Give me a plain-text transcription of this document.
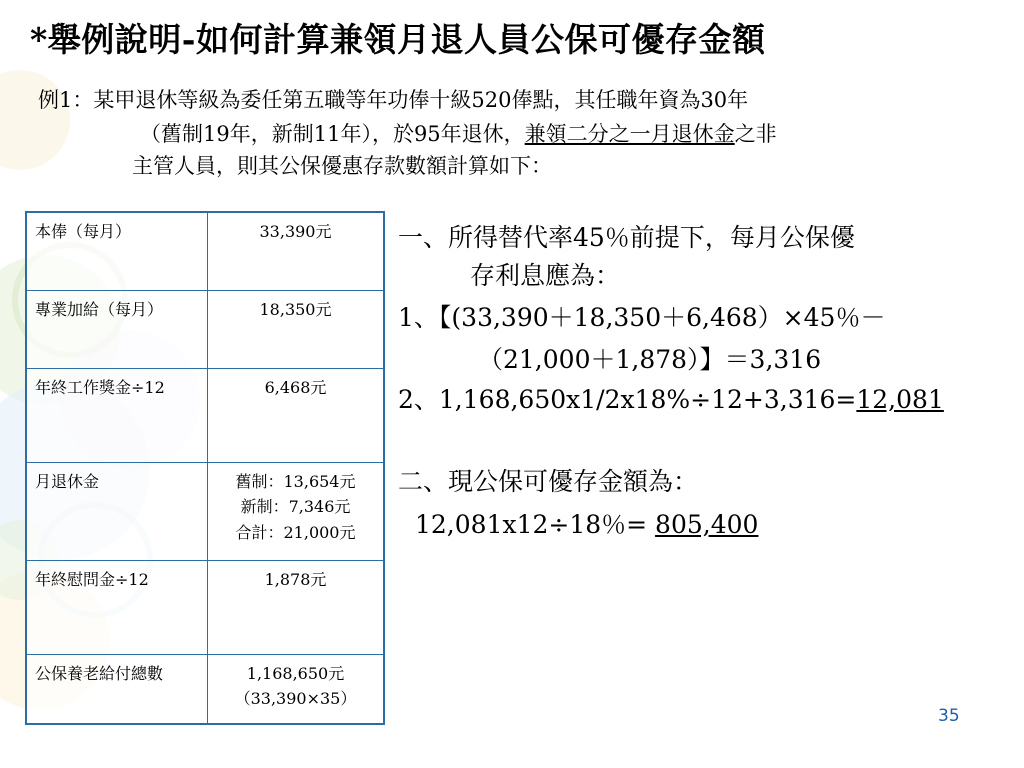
*舉例說明-如何計算兼領月退人員公保可優存金額
例1：某甲退休等級為委任第五職等年功俸十級520俸點，其任職年資為30年
（舊制19年，新制11年），於95年退休，兼領二分之一月退休金之非
主管人員，則其公保優惠存款數額計算如下：
本俸（每月）	33,390元

專業加給（每月）	18,350元

年終工作獎金÷12	6,468元

月退休金	舊制：13,654元
新制：7,346元
合計：21,000元

年終慰問金÷12	1,878元

公保養老給付總數	1,168,650元
（33,390×35）
一、所得替代率45％前提下，每月公保優
存利息應為：
1、【(33,390＋18,350＋6,468）×45％－
（21,000＋1,878）】＝3,316
2、1,168,650x1/2x18%÷12+3,316=12,081
二、現公保可優存金額為：
12,081x12÷18％= 805,400
35
